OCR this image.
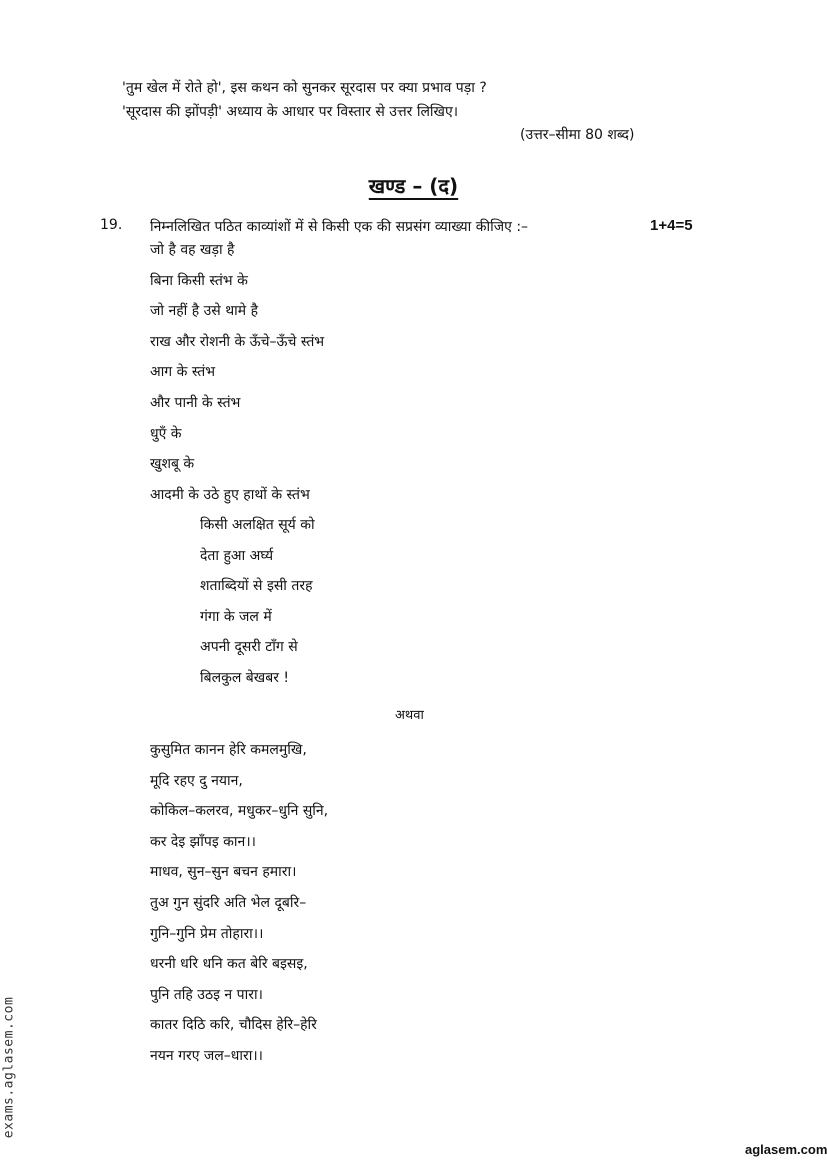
'तुम खेल में रोते हो', इस कथन को सुनकर सूरदास पर क्या प्रभाव पड़ा ?
'सूरदास की झोंपड़ी' अध्याय के आधार पर विस्तार से उत्तर लिखिए।
(उत्तर–सीमा 80 शब्द)
खण्ड – (द)
19. निम्नलिखित पठित काव्यांशों में से किसी एक की सप्रसंग व्याख्या कीजिए :–	1+4=5
जो है वह खड़ा है
बिना किसी स्तंभ के
जो नहीं है उसे थामे है
राख और रोशनी के ऊँचे–ऊँचे स्तंभ
आग के स्तंभ
और पानी के स्तंभ
धुएँ के
खुशबू के
आदमी के उठे हुए हाथों के स्तंभ
किसी अलक्षित सूर्य को
देता हुआ अर्घ्य
शताब्दियों से इसी तरह
गंगा के जल में
अपनी दूसरी टाँग से
बिलकुल बेखबर !
अथवा
कुसुमित कानन हेरि कमलमुखि,
मूदि रहए दु नयान,
कोकिल–कलरव, मधुकर–धुनि सुनि,
कर देइ झाँपइ कान।।
माधव, सुन–सुन बचन हमारा।
तुअ गुन सुंदरि अति भेल दूबरि–
गुनि–गुनि प्रेम तोहारा।।
धरनी धरि धनि कत बेरि बइसइ,
पुनि तहि उठइ न पारा।
कातर दिठि करि, चौदिस हेरि–हेरि
नयन गरए जल–धारा।।
exams.aglasem.com
aglasem.com
